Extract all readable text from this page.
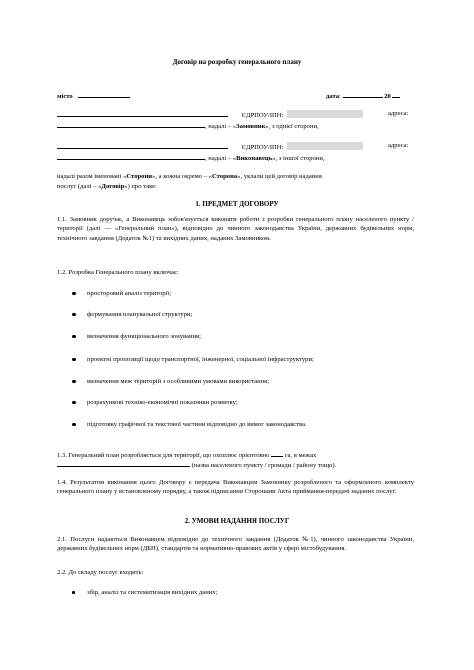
Договір на розробку генерального плану
місто	дата:	20
ЄДРПОУ/ІПН:	адреса:
, надалі – «Замовник», з однієї сторони,
ЄДРПОУ/ІПН:	адреса:
, надалі – «Виконавець», з іншої сторони,
надалі разом іменовані «Сторони», а кожна окремо – «Сторона», уклали цей договір надання
послуг (далі – «Договір») про таке:
1. ПРЕДМЕТ ДОГОВОРУ
1.1. Замовник доручає, а Виконавець зобов'язується виконати роботи з розробки генерального плану населеного пункту / території (далі — «Генеральний план»), відповідно до чинного законодавства України, державних будівельних норм, технічного завдання (Додаток №1) та вихідних даних, наданих Замовником.
1.2. Розробка Генерального плану включає:
просторовий аналіз території;
формування планувальної структури;
визначення функціонального зонування;
проектні пропозиції щодо транспортної, інженерної, соціальної інфраструктури;
визначення меж територій з особливими умовами використання;
розрахункові техніко-економічні показники розвитку;
підготовку графічної та текстової частини відповідно до вимог законодавства.
1.3. Генеральний план розробляється для території, що охоплює орієнтовно га, в межах
(назва населеного пункту / громади / району тощо).
1.4. Результатом виконання цього Договору є передача Виконавцем Замовнику розробленого та оформленого комплекту генерального плану у встановленому порядку, а також підписання Сторонами Акта приймання-передачі наданих послуг.
2. УМОВИ НАДАННЯ ПОСЛУГ
2.1. Послуги надаються Виконавцем відповідно до технічного завдання (Додаток №1), чинного законодавства України, державних будівельних норм (ДБН), стандартів та нормативно-правових актів у сфері містобудування.
2.2. До складу послуг входить:
збір, аналіз та систематизація вихідних даних;
